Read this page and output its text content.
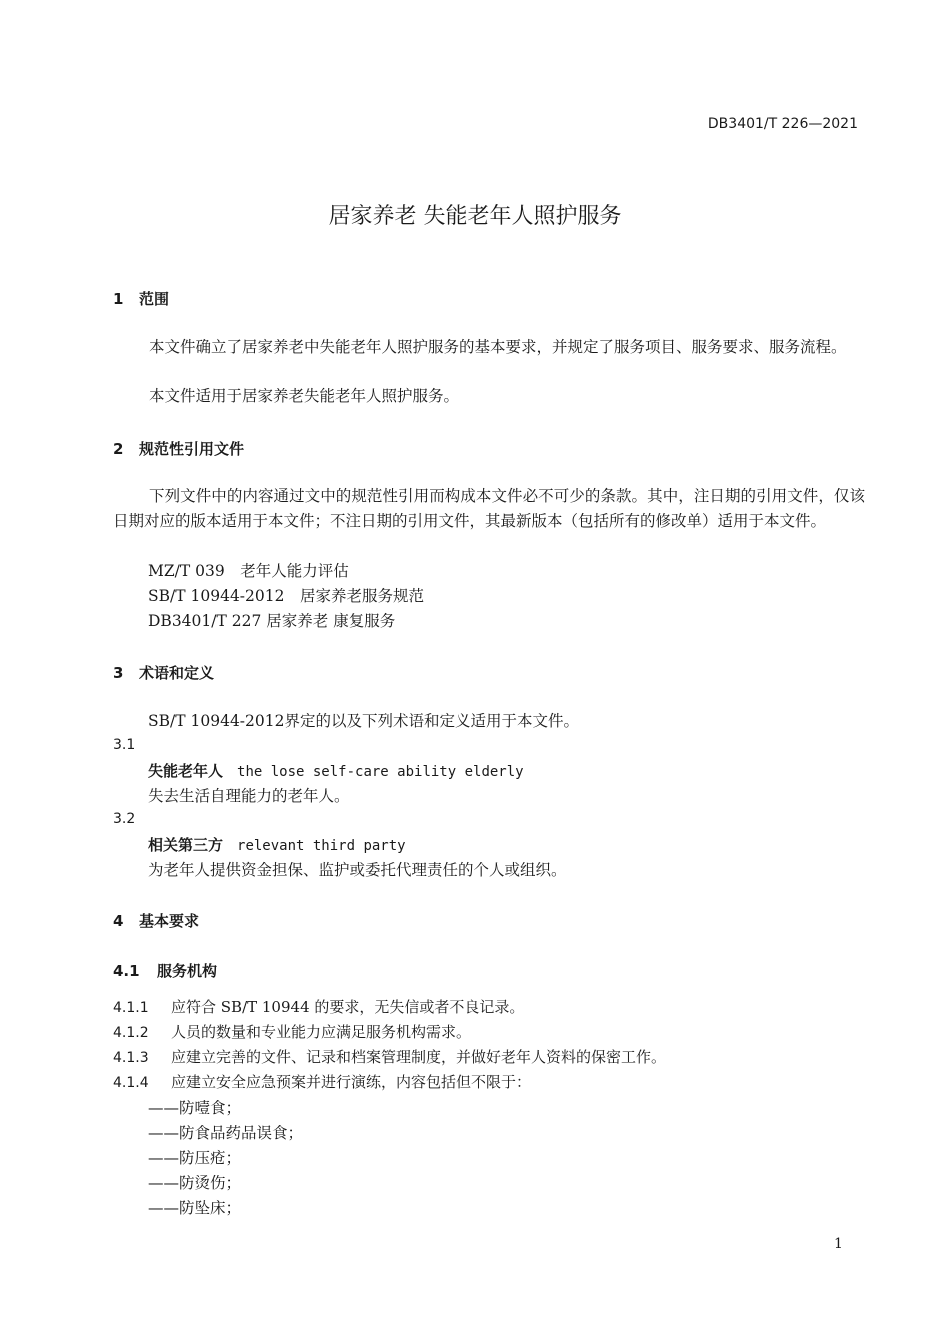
DB3401/T 226—2021
居家养老 失能老年人照护服务
1 范围
本文件确立了居家养老中失能老年人照护服务的基本要求，并规定了服务项目、服务要求、服务流程。
本文件适用于居家养老失能老年人照护服务。
2 规范性引用文件
下列文件中的内容通过文中的规范性引用而构成本文件必不可少的条款。其中，注日期的引用文件，仅该日期对应的版本适用于本文件；不注日期的引用文件，其最新版本（包括所有的修改单）适用于本文件。
MZ/T 039　老年人能力评估
SB/T 10944-2012　居家养老服务规范
DB3401/T 227 居家养老 康复服务
3 术语和定义
SB/T 10944-2012界定的以及下列术语和定义适用于本文件。
3.1
失能老年人 the lose self-care ability elderly
失去生活自理能力的老年人。
3.2
相关第三方 relevant third party
为老年人提供资金担保、监护或委托代理责任的个人或组织。
4 基本要求
4.1 服务机构
4.1.1 应符合 SB/T 10944 的要求，无失信或者不良记录。
4.1.2 人员的数量和专业能力应满足服务机构需求。
4.1.3 应建立完善的文件、记录和档案管理制度，并做好老年人资料的保密工作。
4.1.4 应建立安全应急预案并进行演练，内容包括但不限于：
——防噎食；
——防食品药品误食；
——防压疮；
——防烫伤；
——防坠床；
1
